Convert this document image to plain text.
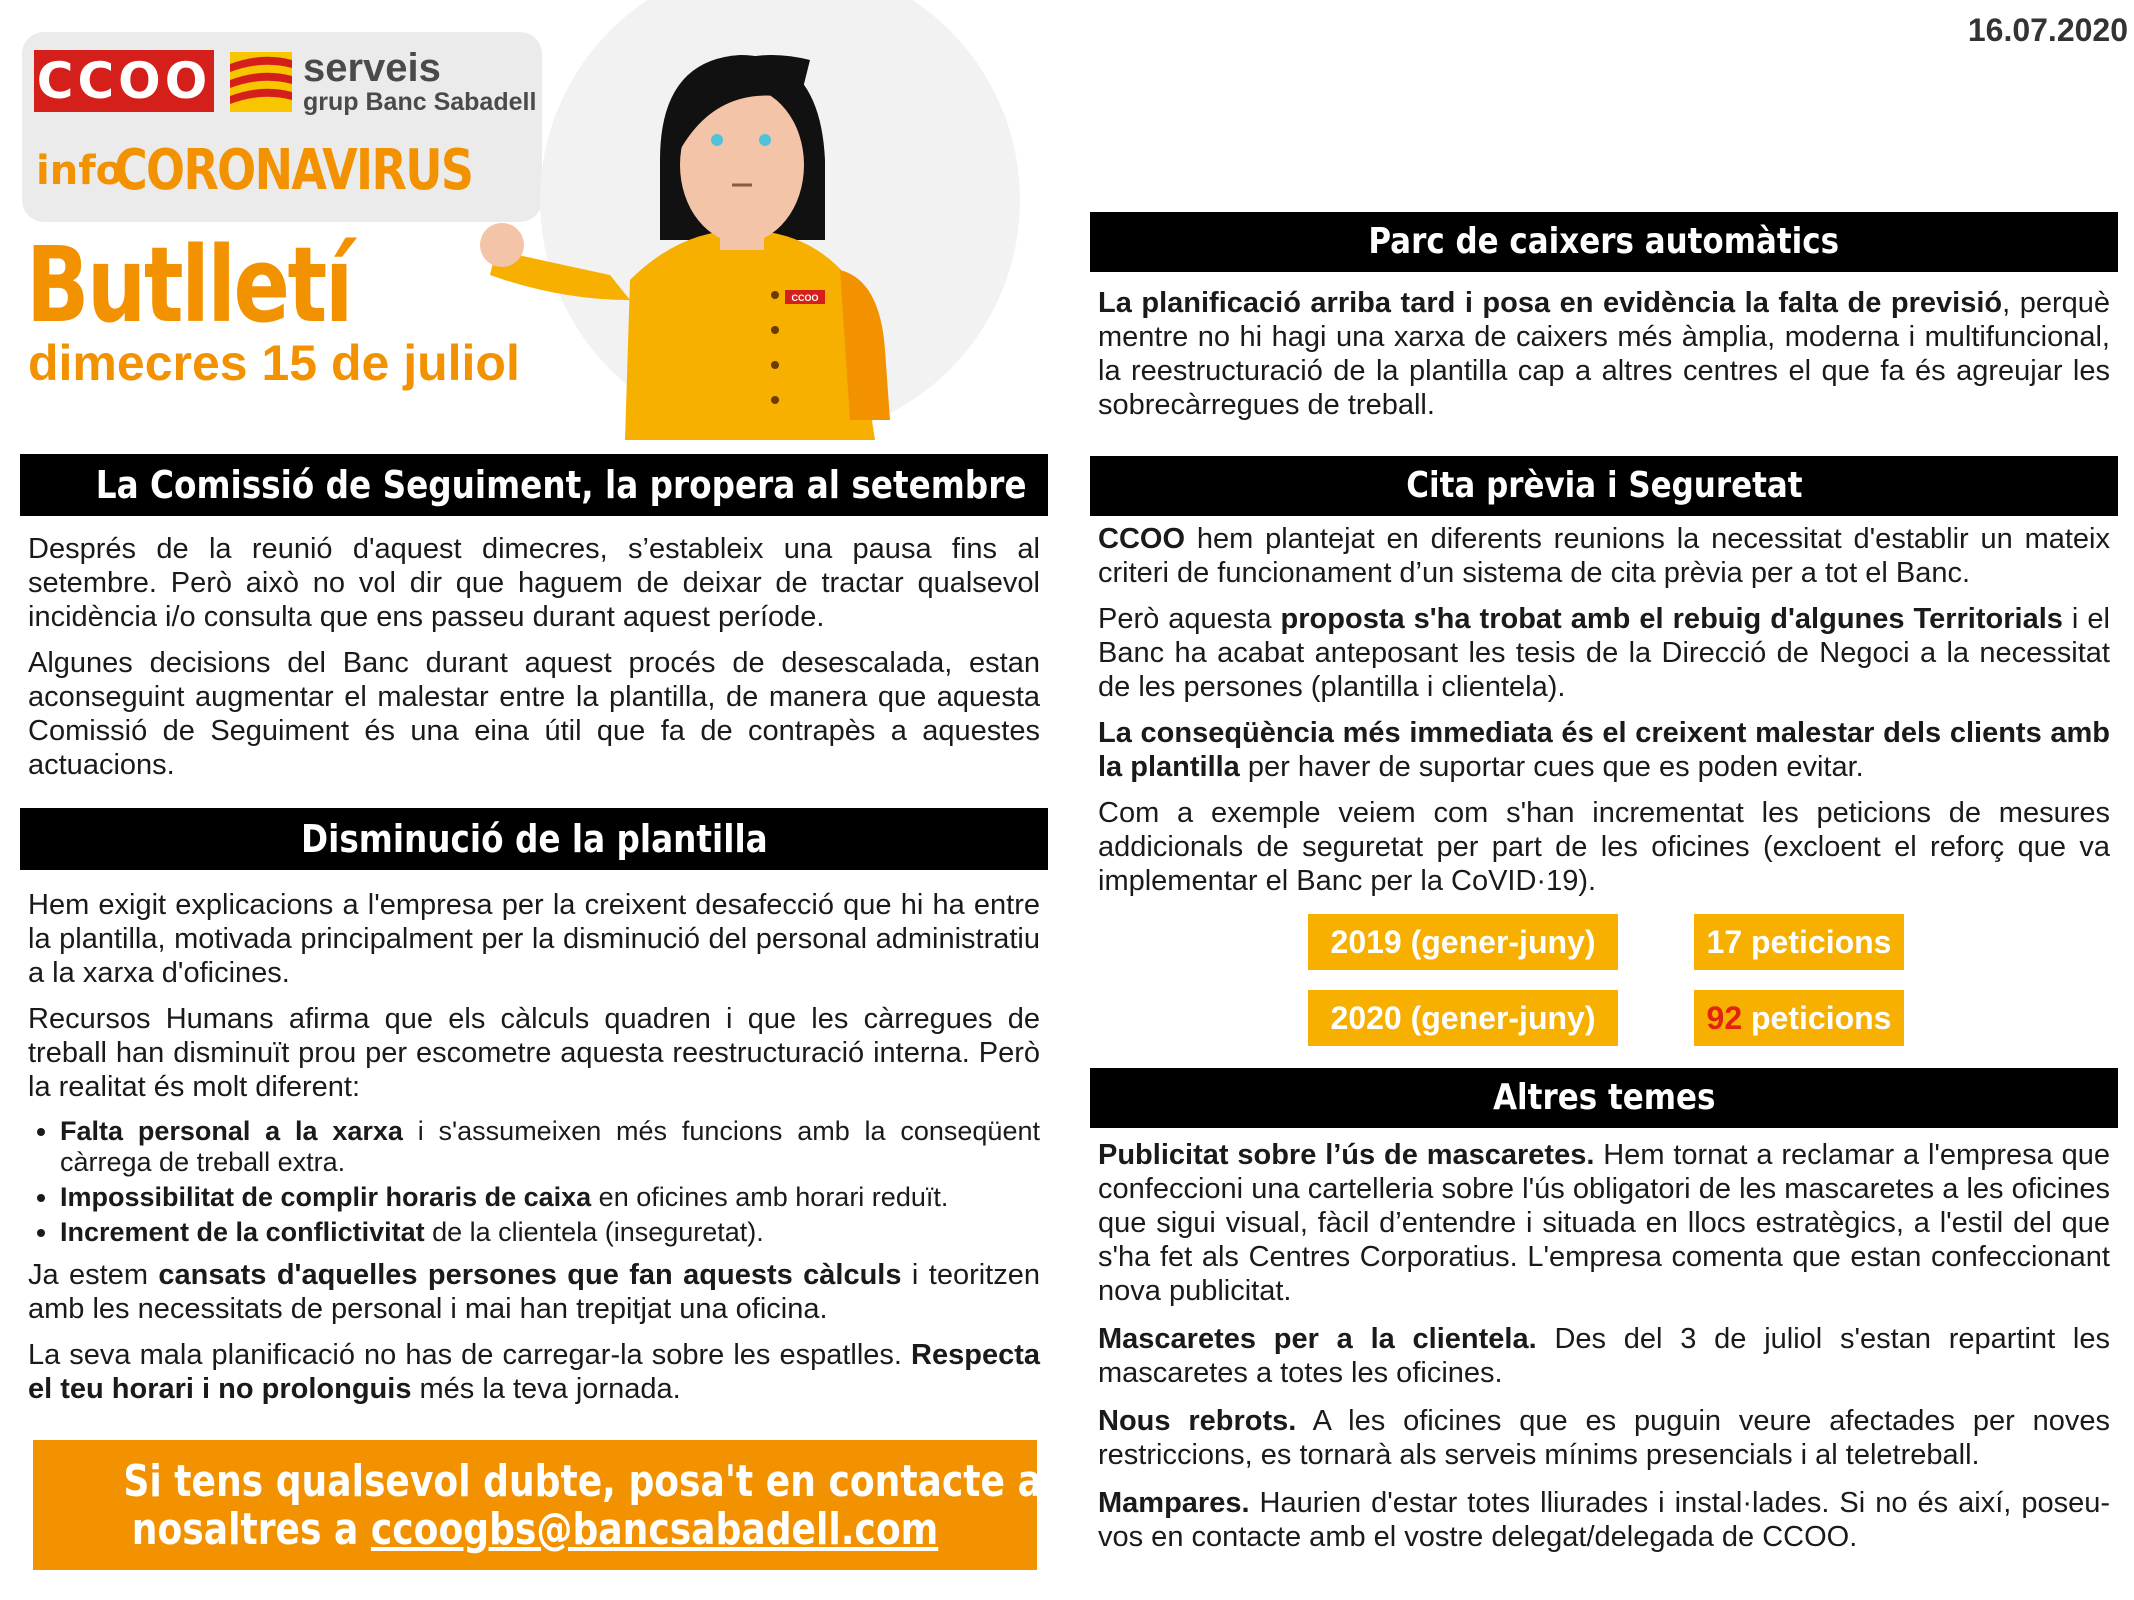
16.07.2020
CCOO serveis
grup Banc Sabadell
info
CORONAVIRUS
Butlletí
dimecres 15 de juliol
CCOO
La Comissió de Seguiment, la propera al setembre

Després de la reunió d'aquest dimecres, s’estableix una pausa fins al setembre. Però això no vol dir que haguem de deixar de tractar qualsevol incidència i/o consulta que ens passeu durant aquest període.

Algunes decisions del Banc durant aquest procés de desescalada, estan aconseguint augmentar el malestar entre la plantilla, de manera que aquesta Comissió de Seguiment és una eina útil que fa de contrapès a aquestes actuacions.

Disminució de la plantilla

Hem exigit explicacions a l'empresa per la creixent desafecció que hi ha entre la plantilla, motivada principalment per la disminució del personal administratiu a la xarxa d'oficines.

Recursos Humans afirma que els càlculs quadren i que les càrregues de treball han disminuït prou per escometre aquesta reestructuració interna. Però la realitat és molt diferent:

• Falta personal a la xarxa i s'assumeixen més funcions amb la conseqüent càrrega de treball extra.
• Impossibilitat de complir horaris de caixa en oficines amb horari reduït.
• Increment de la conflictivitat de la clientela (inseguretat).

Ja estem cansats d'aquelles persones que fan aquests càlculs i teoritzen amb les necessitats de personal i mai han trepitjat una oficina.

La seva mala planificació no has de carregar-la sobre les espatlles. Respecta el teu horari i no prolonguis més la teva jornada.

Si tens qualsevol dubte, posa't en contacte amb
nosaltres a ccoogbs@bancsabadell.com
Parc de caixers automàtics

La planificació arriba tard i posa en evidència la falta de previsió, perquè mentre no hi hagi una xarxa de caixers més àmplia, moderna i multifuncional, la reestructuració de la plantilla cap a altres centres el que fa és agreujar les sobrecàrregues de treball.

Cita prèvia i Seguretat

CCOO hem plantejat en diferents reunions la necessitat d'establir un mateix criteri de funcionament d’un sistema de cita prèvia per a tot el Banc.

Però aquesta proposta s'ha trobat amb el rebuig d'algunes Territorials i el Banc ha acabat anteposant les tesis de la Direcció de Negoci a la necessitat de les persones (plantilla i clientela).

La conseqüència més immediata és el creixent malestar dels clients amb la plantilla per haver de suportar cues que es poden evitar.

Com a exemple veiem com s'han incrementat les peticions de mesures addicionals de seguretat per part de les oficines (excloent el reforç que va implementar el Banc per la CoVID·19).

2019 (gener-juny)	17 peticions
2020 (gener-juny)	92 peticions
Altres temes

Publicitat sobre l’ús de mascaretes. Hem tornat a reclamar a l'empresa que confeccioni una cartelleria sobre l'ús obligatori de les mascaretes a les oficines que sigui visual, fàcil d’entendre i situada en llocs estratègics, a l'estil del que s'ha fet als Centres Corporatius. L'empresa comenta que estan confeccionant nova publicitat.

Mascaretes per a la clientela. Des del 3 de juliol s'estan repartint les mascaretes a totes les oficines.

Nous rebrots. A les oficines que es puguin veure afectades per noves restriccions, es tornarà als serveis mínims presencials i al teletreball.

Mampares. Haurien d'estar totes lliurades i instal·lades. Si no és així, poseu-vos en contacte amb el vostre delegat/delegada de CCOO.
